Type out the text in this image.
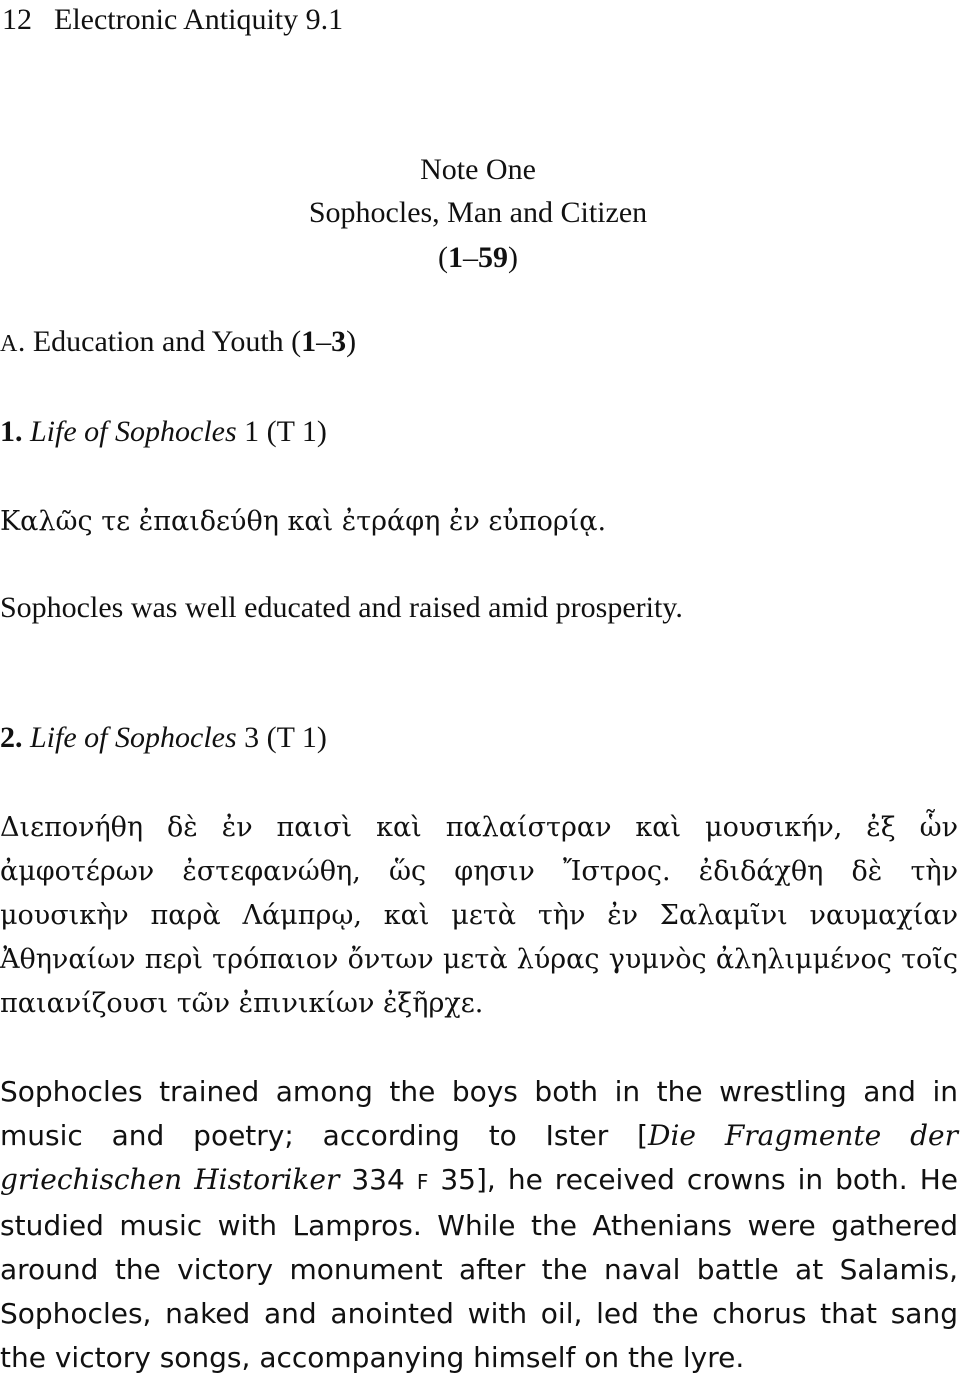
12 Electronic Antiquity 9.1
Note One
Sophocles, Man and Citizen
(1–59)
A. Education and Youth (1–3)
1. Life of Sophocles 1 (T 1)
Καλῶς τε ἐπαιδεύθη καὶ ἐτράφη ἐν εὐπορίᾳ.
Sophocles was well educated and raised amid prosperity.
2. Life of Sophocles 3 (T 1)
Διεπονήθη δὲ ἐν παισὶ καὶ παλαίστραν καὶ μουσικήν, ἐξ ὧν ἀμφοτέρων ἐστεφανώθη, ὥς φησιν Ἴστρος. ἐδιδάχθη δὲ τὴν μουσικὴν παρὰ Λάμπρῳ, καὶ μετὰ τὴν ἐν Σαλαμῖνι ναυμαχίαν Ἀθηναίων περὶ τρόπαιον ὄντων μετὰ λύρας γυμνὸς ἀληλιμμένος τοῖς παιανίζουσι τῶν ἐπινικίων ἐξῆρχε.
Sophocles trained among the boys both in the wrestling and in music and poetry; according to Ister [Die Fragmente der griechischen Historiker 334 F 35], he received crowns in both. He studied music with Lampros. While the Athenians were gathered around the victory monument after the naval battle at Salamis, Sophocles, naked and anointed with oil, led the chorus that sang the victory songs, accompanying himself on the lyre.
